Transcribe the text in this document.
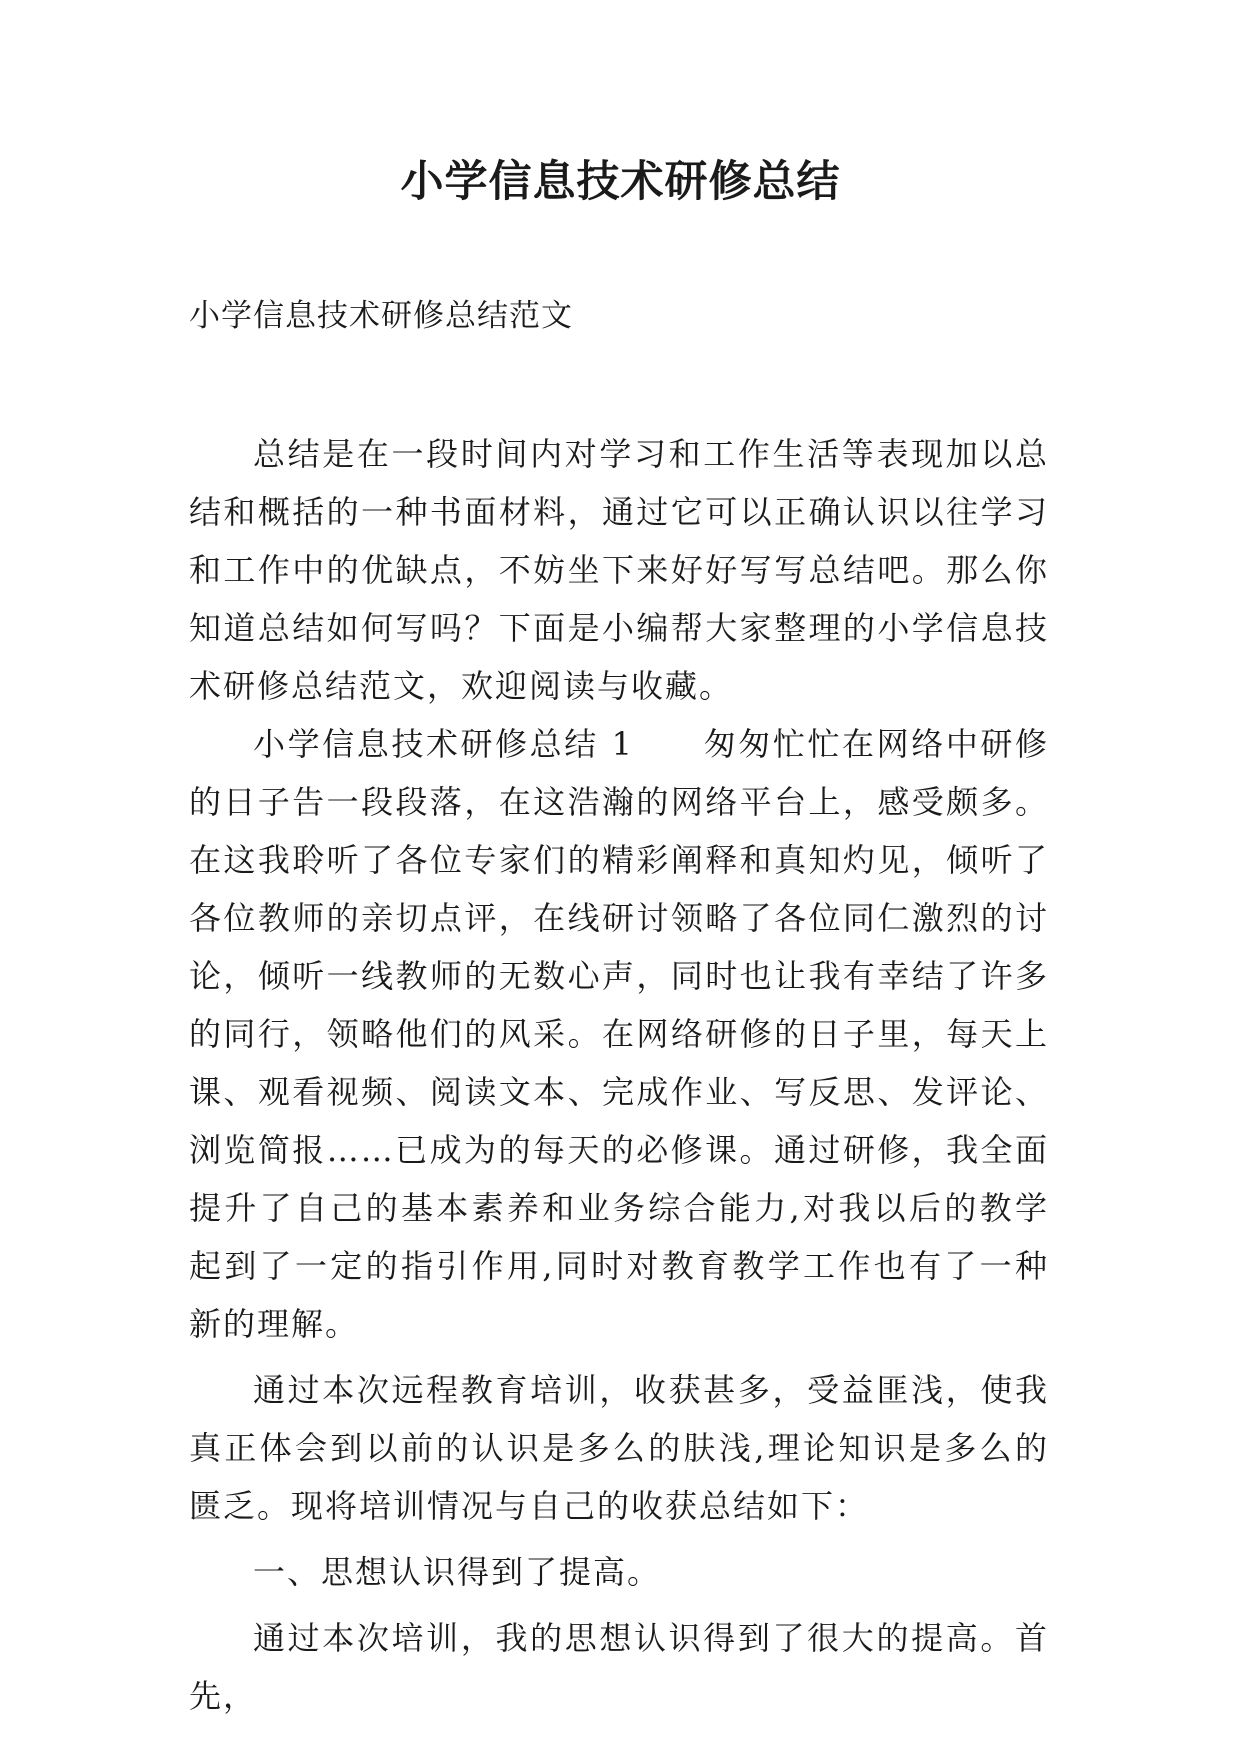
小学信息技术研修总结

小学信息技术研修总结范文

总结是在一段时间内对学习和工作生活等表现加以总结和概括的一种书面材料，通过它可以正确认识以往学习和工作中的优缺点，不妨坐下来好好写写总结吧。那么你知道总结如何写吗？下面是小编帮大家整理的小学信息技术研修总结范文，欢迎阅读与收藏。

小学信息技术研修总结 1　　匆匆忙忙在网络中研修的日子告一段段落，在这浩瀚的网络平台上，感受颇多。在这我聆听了各位专家们的精彩阐释和真知灼见，倾听了各位教师的亲切点评，在线研讨领略了各位同仁激烈的讨论，倾听一线教师的无数心声，同时也让我有幸结了许多的同行，领略他们的风采。在网络研修的日子里，每天上课、观看视频、阅读文本、完成作业、写反思、发评论、浏览简报……已成为的每天的必修课。通过研修，我全面提升了自己的基本素养和业务综合能力,对我以后的教学起到了一定的指引作用,同时对教育教学工作也有了一种新的理解。

通过本次远程教育培训，收获甚多，受益匪浅，使我真正体会到以前的认识是多么的肤浅,理论知识是多么的匮乏。现将培训情况与自己的收获总结如下：

一、思想认识得到了提高。

通过本次培训，我的思想认识得到了很大的提高。首先，
